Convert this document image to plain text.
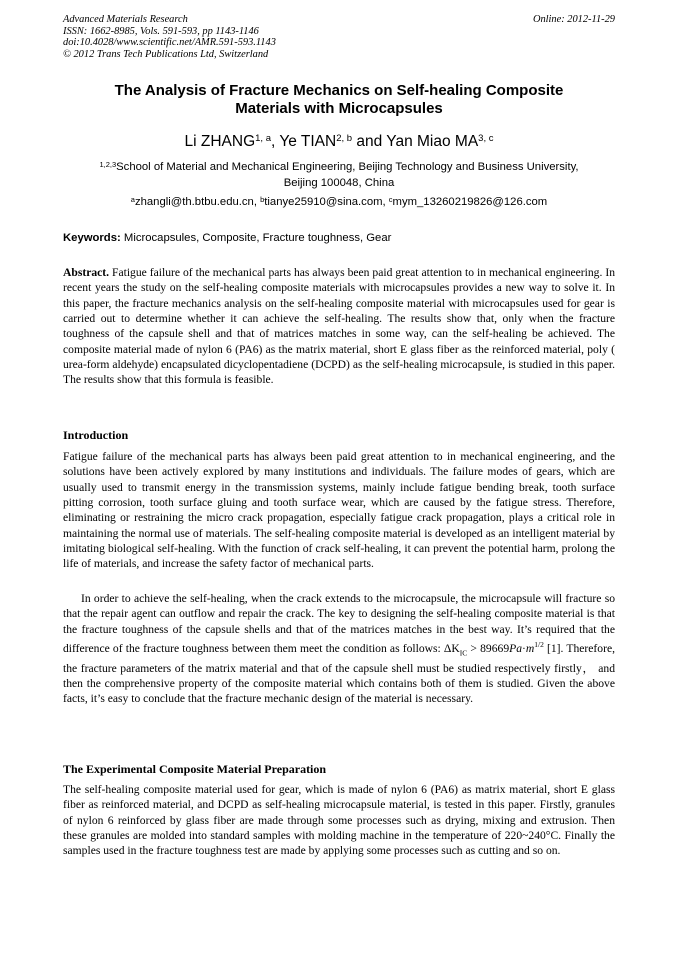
Advanced Materials Research
ISSN: 1662-8985, Vols. 591-593, pp 1143-1146
doi:10.4028/www.scientific.net/AMR.591-593.1143
© 2012 Trans Tech Publications Ltd, Switzerland
Online: 2012-11-29
The Analysis of Fracture Mechanics on Self-healing Composite
Materials with Microcapsules
Li ZHANG$^{1, a}$, Ye TIAN$^{2, b}$ and Yan Miao MA$^{3, c}$
$^{1,2,3}$School of Material and Mechanical Engineering, Beijing Technology and Business University,
Beijing 100048, China
$^a$zhangli@th.btbu.edu.cn, $^b$tianye25910@sina.com, $^c$mym_13260219826@126.com
Keywords: Microcapsules, Composite, Fracture toughness, Gear
Abstract. Fatigue failure of the mechanical parts has always been paid great attention to in mechanical engineering. In recent years the study on the self-healing composite materials with microcapsules provides a new way to solve it. In this paper, the fracture mechanics analysis on the self-healing composite material with microcapsules used for gear is carried out to determine whether it can achieve the self-healing. The results show that, only when the fracture toughness of the capsule shell and that of matrices matches in some way, can the self-healing be achieved. The composite material made of nylon 6 (PA6) as the matrix material, short E glass fiber as the reinforced material, poly ( urea-form aldehyde) encapsulated dicyclopentadiene (DCPD) as the self-healing microcapsule, is studied in this paper. The results show that this formula is feasible.
Introduction
Fatigue failure of the mechanical parts has always been paid great attention to in mechanical engineering, and the solutions have been actively explored by many institutions and individuals. The failure modes of gears, which are usually used to transmit energy in the transmission systems, mainly include fatigue bending break, tooth surface pitting corrosion, tooth surface gluing and tooth surface wear, which are caused by the fatigue stress. Therefore, eliminating or restraining the micro crack propagation, especially fatigue crack propagation, plays a critical role in maintaining the normal use of materials. The self-healing composite material is developed as an intelligent material by imitating biological self-healing. With the function of crack self-healing, it can prevent the potential harm, prolong the life of materials, and increase the safety factor of mechanical parts.
In order to achieve the self-healing, when the crack extends to the microcapsule, the microcapsule will fracture so that the repair agent can outflow and repair the crack. The key to designing the self-healing composite material is that the fracture toughness of the capsule shells and that of the matrices matches in the best way. It’s required that the difference of the fracture toughness between them meet the condition as follows: $\Delta K_{IC} > 89669Pa\cdot m^{1/2}$ [1]. Therefore, the fracture parameters of the matrix material and that of the capsule shell must be studied respectively firstly， and then the comprehensive property of the composite material which contains both of them is studied. Given the above facts, it’s easy to conclude that the fracture mechanic design of the material is necessary.
The Experimental Composite Material Preparation
The self-healing composite material used for gear, which is made of nylon 6 (PA6) as matrix material, short E glass fiber as reinforced material, and DCPD as self-healing microcapsule material, is tested in this paper. Firstly, granules of nylon 6 reinforced by glass fiber are made through some processes such as drying, mixing and extrusion. Then these granules are molded into standard samples with molding machine in the temperature of 220~240°C. Finally the samples used in the fracture toughness test are made by applying some processes such as cutting and so on.
